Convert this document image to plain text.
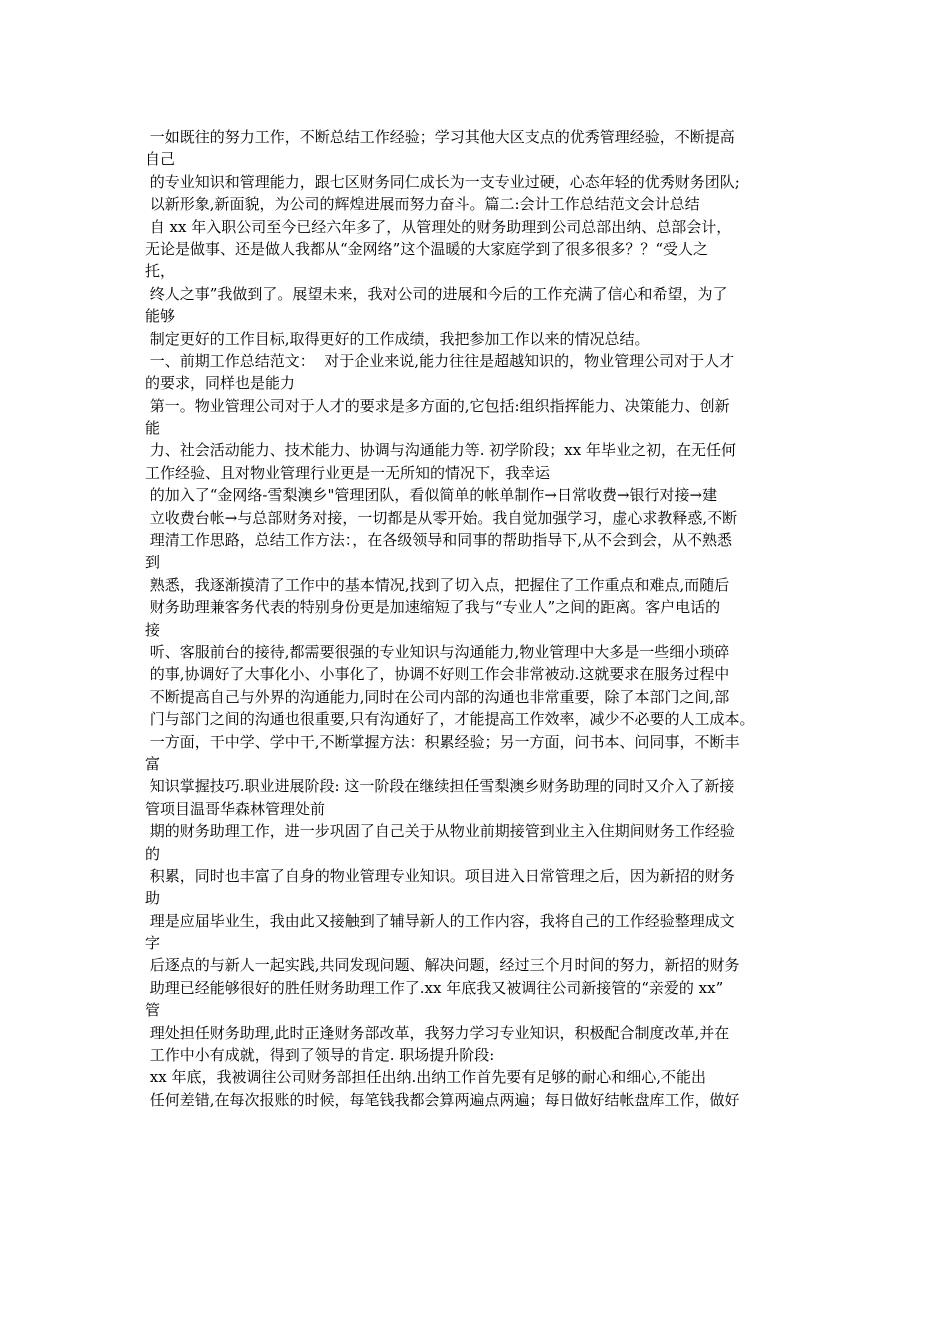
一如既往的努力工作，不断总结工作经验；学习其他大区支点的优秀管理经验，不断提高
自己
的专业知识和管理能力，跟七区财务同仁成长为一支专业过硬，心态年轻的优秀财务团队;
以新形象,新面貌，为公司的辉煌进展而努力奋斗。篇二:会计工作总结范文会计总结
自 xx 年入职公司至今已经六年多了，从管理处的财务助理到公司总部出纳、总部会计，
无论是做事、还是做人我都从“金网络”这个温暖的大家庭学到了很多很多？？“受人之
托，
终人之事”我做到了。展望未来，我对公司的进展和今后的工作充满了信心和希望，为了
能够
制定更好的工作目标,取得更好的工作成绩，我把参加工作以来的情况总结。
一、前期工作总结范文：  对于企业来说,能力往往是超越知识的，物业管理公司对于人才
的要求，同样也是能力
第一。物业管理公司对于人才的要求是多方面的,它包括:组织指挥能力、决策能力、创新
能
力、社会活动能力、技术能力、协调与沟通能力等. 初学阶段；xx 年毕业之初，在无任何
工作经验、且对物业管理行业更是一无所知的情况下，我幸运
的加入了“金网络-雪梨澳乡"管理团队，看似简单的帐单制作→日常收费→银行对接→建
立收费台帐→与总部财务对接，一切都是从零开始。我自觉加强学习，虚心求教释惑,不断
理清工作思路，总结工作方法：，在各级领导和同事的帮助指导下,从不会到会，从不熟悉
到
熟悉，我逐渐摸清了工作中的基本情况,找到了切入点，把握住了工作重点和难点,而随后
财务助理兼客务代表的特别身份更是加速缩短了我与“专业人”之间的距离。客户电话的
接
听、客服前台的接待,都需要很强的专业知识与沟通能力,物业管理中大多是一些细小琐碎
的事,协调好了大事化小、小事化了，协调不好则工作会非常被动.这就要求在服务过程中
不断提高自己与外界的沟通能力,同时在公司内部的沟通也非常重要，除了本部门之间,部
门与部门之间的沟通也很重要,只有沟通好了，才能提高工作效率，减少不必要的人工成本。
一方面，干中学、学中干,不断掌握方法：积累经验；另一方面，问书本、问同事，不断丰
富
知识掌握技巧.职业进展阶段: 这一阶段在继续担任雪梨澳乡财务助理的同时又介入了新接
管项目温哥华森林管理处前
期的财务助理工作，进一步巩固了自己关于从物业前期接管到业主入住期间财务工作经验
的
积累，同时也丰富了自身的物业管理专业知识。项目进入日常管理之后，因为新招的财务
助
理是应届毕业生，我由此又接触到了辅导新人的工作内容，我将自己的工作经验整理成文
字
后逐点的与新人一起实践,共同发现问题、解决问题，经过三个月时间的努力，新招的财务
助理已经能够很好的胜任财务助理工作了.xx 年底我又被调往公司新接管的“亲爱的 xx”
管
理处担任财务助理,此时正逢财务部改革，我努力学习专业知识，积极配合制度改革,并在
工作中小有成就，得到了领导的肯定. 职场提升阶段:
xx 年底，我被调往公司财务部担任出纳.出纳工作首先要有足够的耐心和细心,不能出
任何差错,在每次报账的时候，每笔钱我都会算两遍点两遍；每日做好结帐盘库工作，做好
